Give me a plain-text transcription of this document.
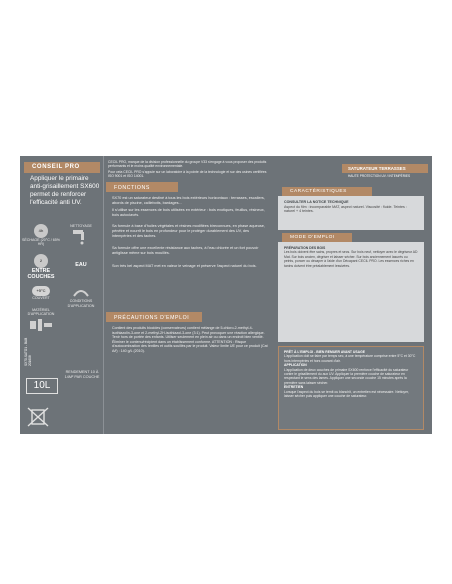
CONSEIL PRO
Appliquer le primaire anti-grisaillement SX600 permet de renforcer l'efficacité anti UV.
4h
SÉCHAGE (20°C / 65% HR)
NETTOYAGE
2
ENTRE COUCHES
EAU
+5°C
COUVERT
CONDITIONS D'APPLICATION
MATÉRIEL D'APPLICATION
SX70-SATO1 - BAB 201608
10L
RENDEMENT 10 À 14M² PAR COUCHE
CECIL PRO, marque de la division professionnelle du groupe V33 s'engage à vous proposer des produits performants et le moins qualité environnementale.
Pour cela CECIL PRO s'appuie sur un laboratoire à la pointe de la technologie et sur des usines certifiées ISO 9001 et ISO 14001.
FONCTIONS
SX70 est un saturateur destiné à tous les bois extérieurs horizontaux : terrasses, escaliers, abords de piscine, caillebotis, bardages...
Il s'utilise sur les essences de bois utilisées en extérieur : bois exotiques, feuillus, résineux, bois autoclavés.
Sa formule à base d'huiles végétales et résines modifiées bireconnues, en phase aqueuse, pénètre et nourrit le bois en profondeur pour le protéger durablement des UV, des intempéries et des taches.
Sa formule offre une excellente résistance aux taches, à l'eau chlorée et un fort pouvoir antiglisse même sur bois mouillés.
Son très bel aspect MAT met en valeur le veinage et préserve l'aspect naturel du bois.
PRÉCAUTIONS D'EMPLOI
Contient des produits biocides (conservateurs) contient mélange de 5-chloro-2-methyl-4-isothiazolin-3-one et 2-methyl-2H-isothiazol-3-one (3:1). Peut provoquer une réaction allergique. Tenir hors de portée des enfants. Utiliser seulement en plein air ou dans un endroit bien ventilé. Éliminer le contenu/récipient dans un établissement conforme. ATTENTION : Risque d'autocombustion des textiles et outils souillés par le produit. Valeur limite UE pour ce produit (Cat A/f) : 140 g/L (2010).
SATURATEUR TERRASSES
HAUTE PROTECTION UV / INTEMPÉRIES
CARACTÉRISTIQUES
CONSULTER LA NOTICE TECHNIQUE
Aspect du film : incomparable MAT, aspect naturel. Viscosité : fluide. Teintes : naturel + 4 teintes.
MODE D'EMPLOI
PRÉPARATION DES BOIS
Les bois doivent être sains, propres et secs. Sur bois neuf, nettoyer avec le dégriseur AD Mat. Sur bois ancien, dégriser et laisser sécher. Sur bois anciennement lasurés ou peints, poncer ou décaper à l'aide d'un Décapant CECIL PRO. Les essences riches en tanins doivent être préalablement lessivées.
PRÊT À L'EMPLOI - BIEN REMUER AVANT USAGE
L'application doit se faire par temps sec, à une température comprise entre 5°C et 30°C hors intempéries et hors courant d'air.
APPLICATION
L'application de deux couches de primaire SX600 renforce l'efficacité du saturateur contre le grisaillement du aux UV. Appliquer la première couche de saturateur en respectant le sens des lames. Appliquer une seconde couche 15 minutes après la première sans laisser sécher.
ENTRETIEN
Lorsque l'aspect du bois se ternit ou blanchit, un entretien est nécessaire. Nettoyer, laisser sécher puis appliquer une couche de saturateur.
